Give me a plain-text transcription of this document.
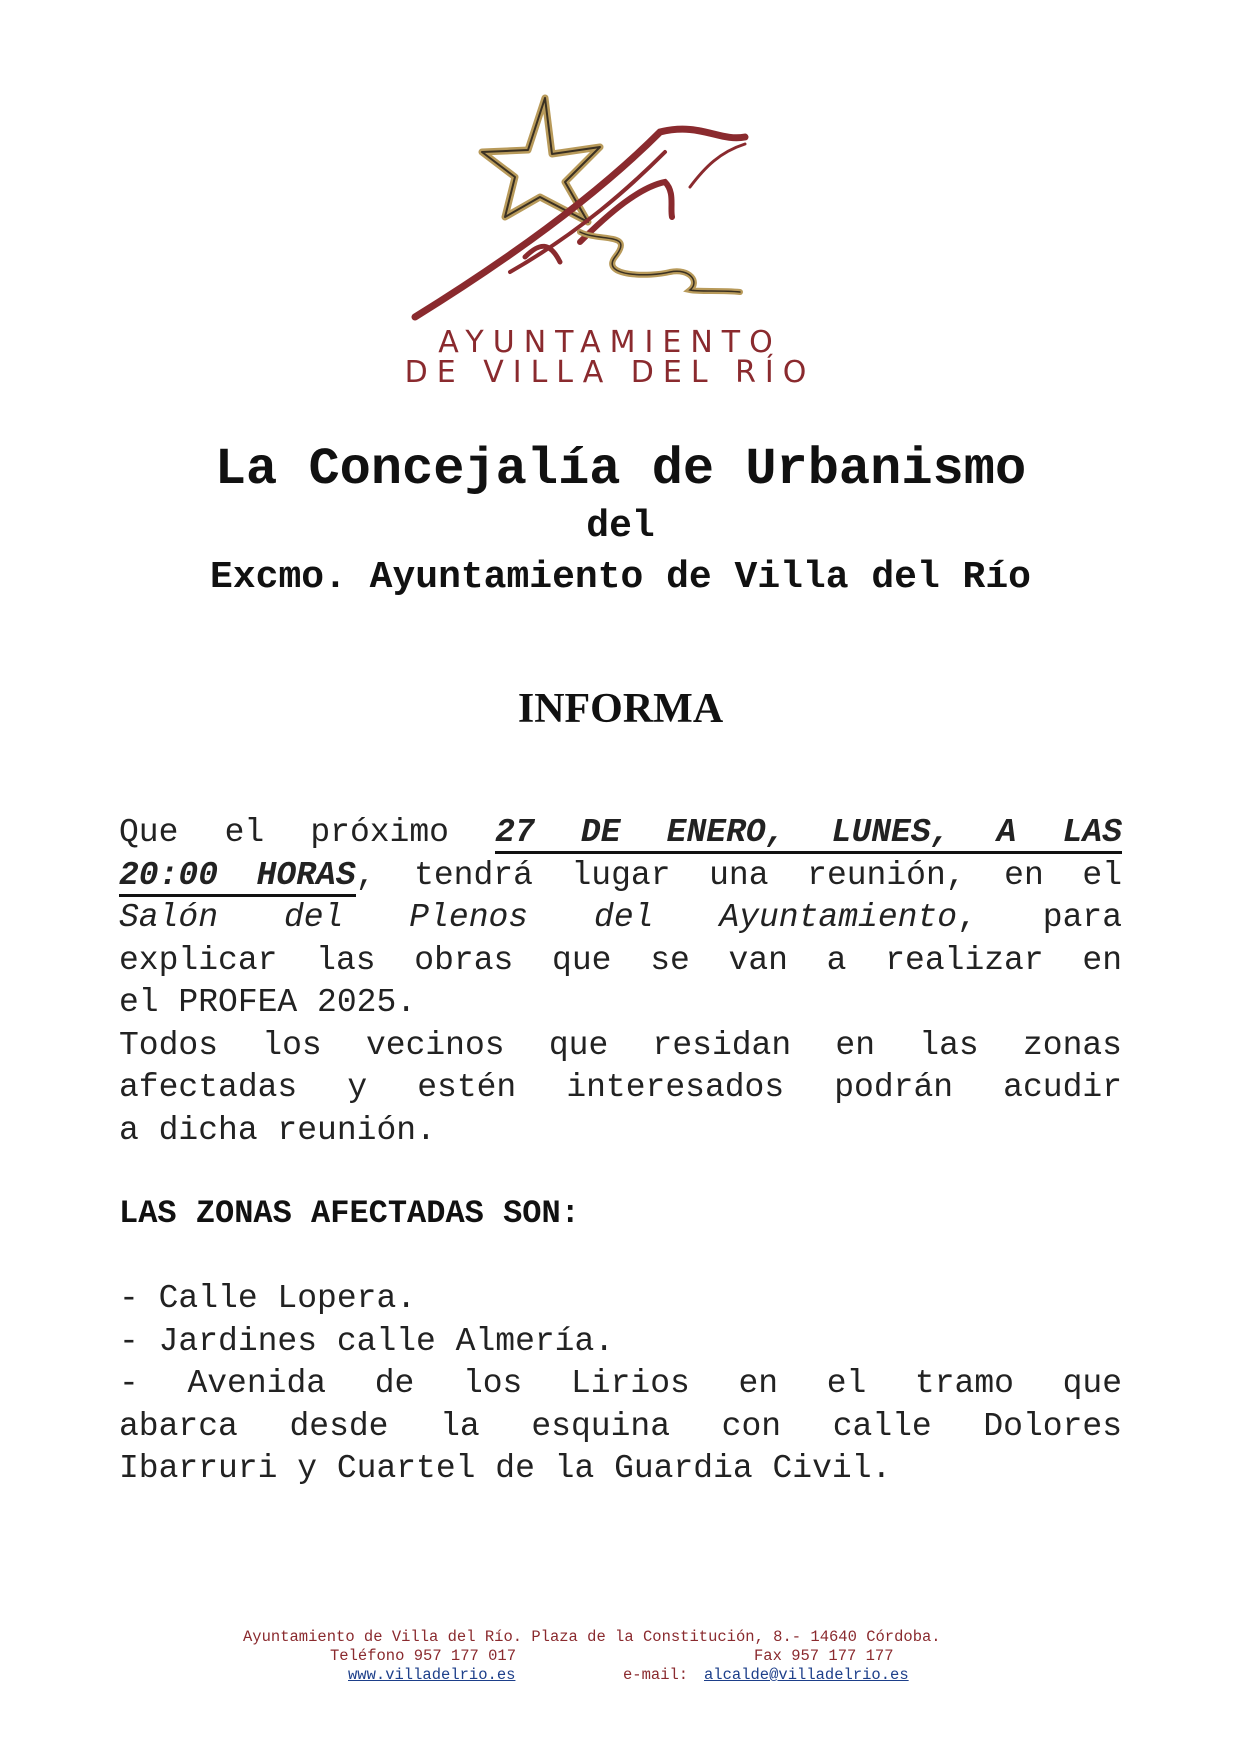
AYUNTAMIENTO
DE VILLA DEL RÍO
La Concejalía de Urbanismo
del
Excmo. Ayuntamiento de Villa del Río
INFORMA
Que el próximo 27 DE ENERO, LUNES, A LAS
20:00 HORAS, tendrá lugar una reunión, en el
Salón del Plenos del Ayuntamiento, para
explicar las obras que se van a realizar en
el PROFEA 2025.
Todos los vecinos que residan en las zonas
afectadas y estén interesados podrán acudir
a dicha reunión.
LAS ZONAS AFECTADAS SON:
- Calle Lopera.
- Jardines calle Almería.
- Avenida de los Lirios en el tramo que
abarca desde la esquina con calle Dolores
Ibarruri y Cuartel de la Guardia Civil.
Ayuntamiento de Villa del Río. Plaza de la Constitución, 8.- 14640 Córdoba.
Teléfono 957 177 017	Fax 957 177 177
www.villadelrio.es	e-mail: alcalde@villadelrio.es
